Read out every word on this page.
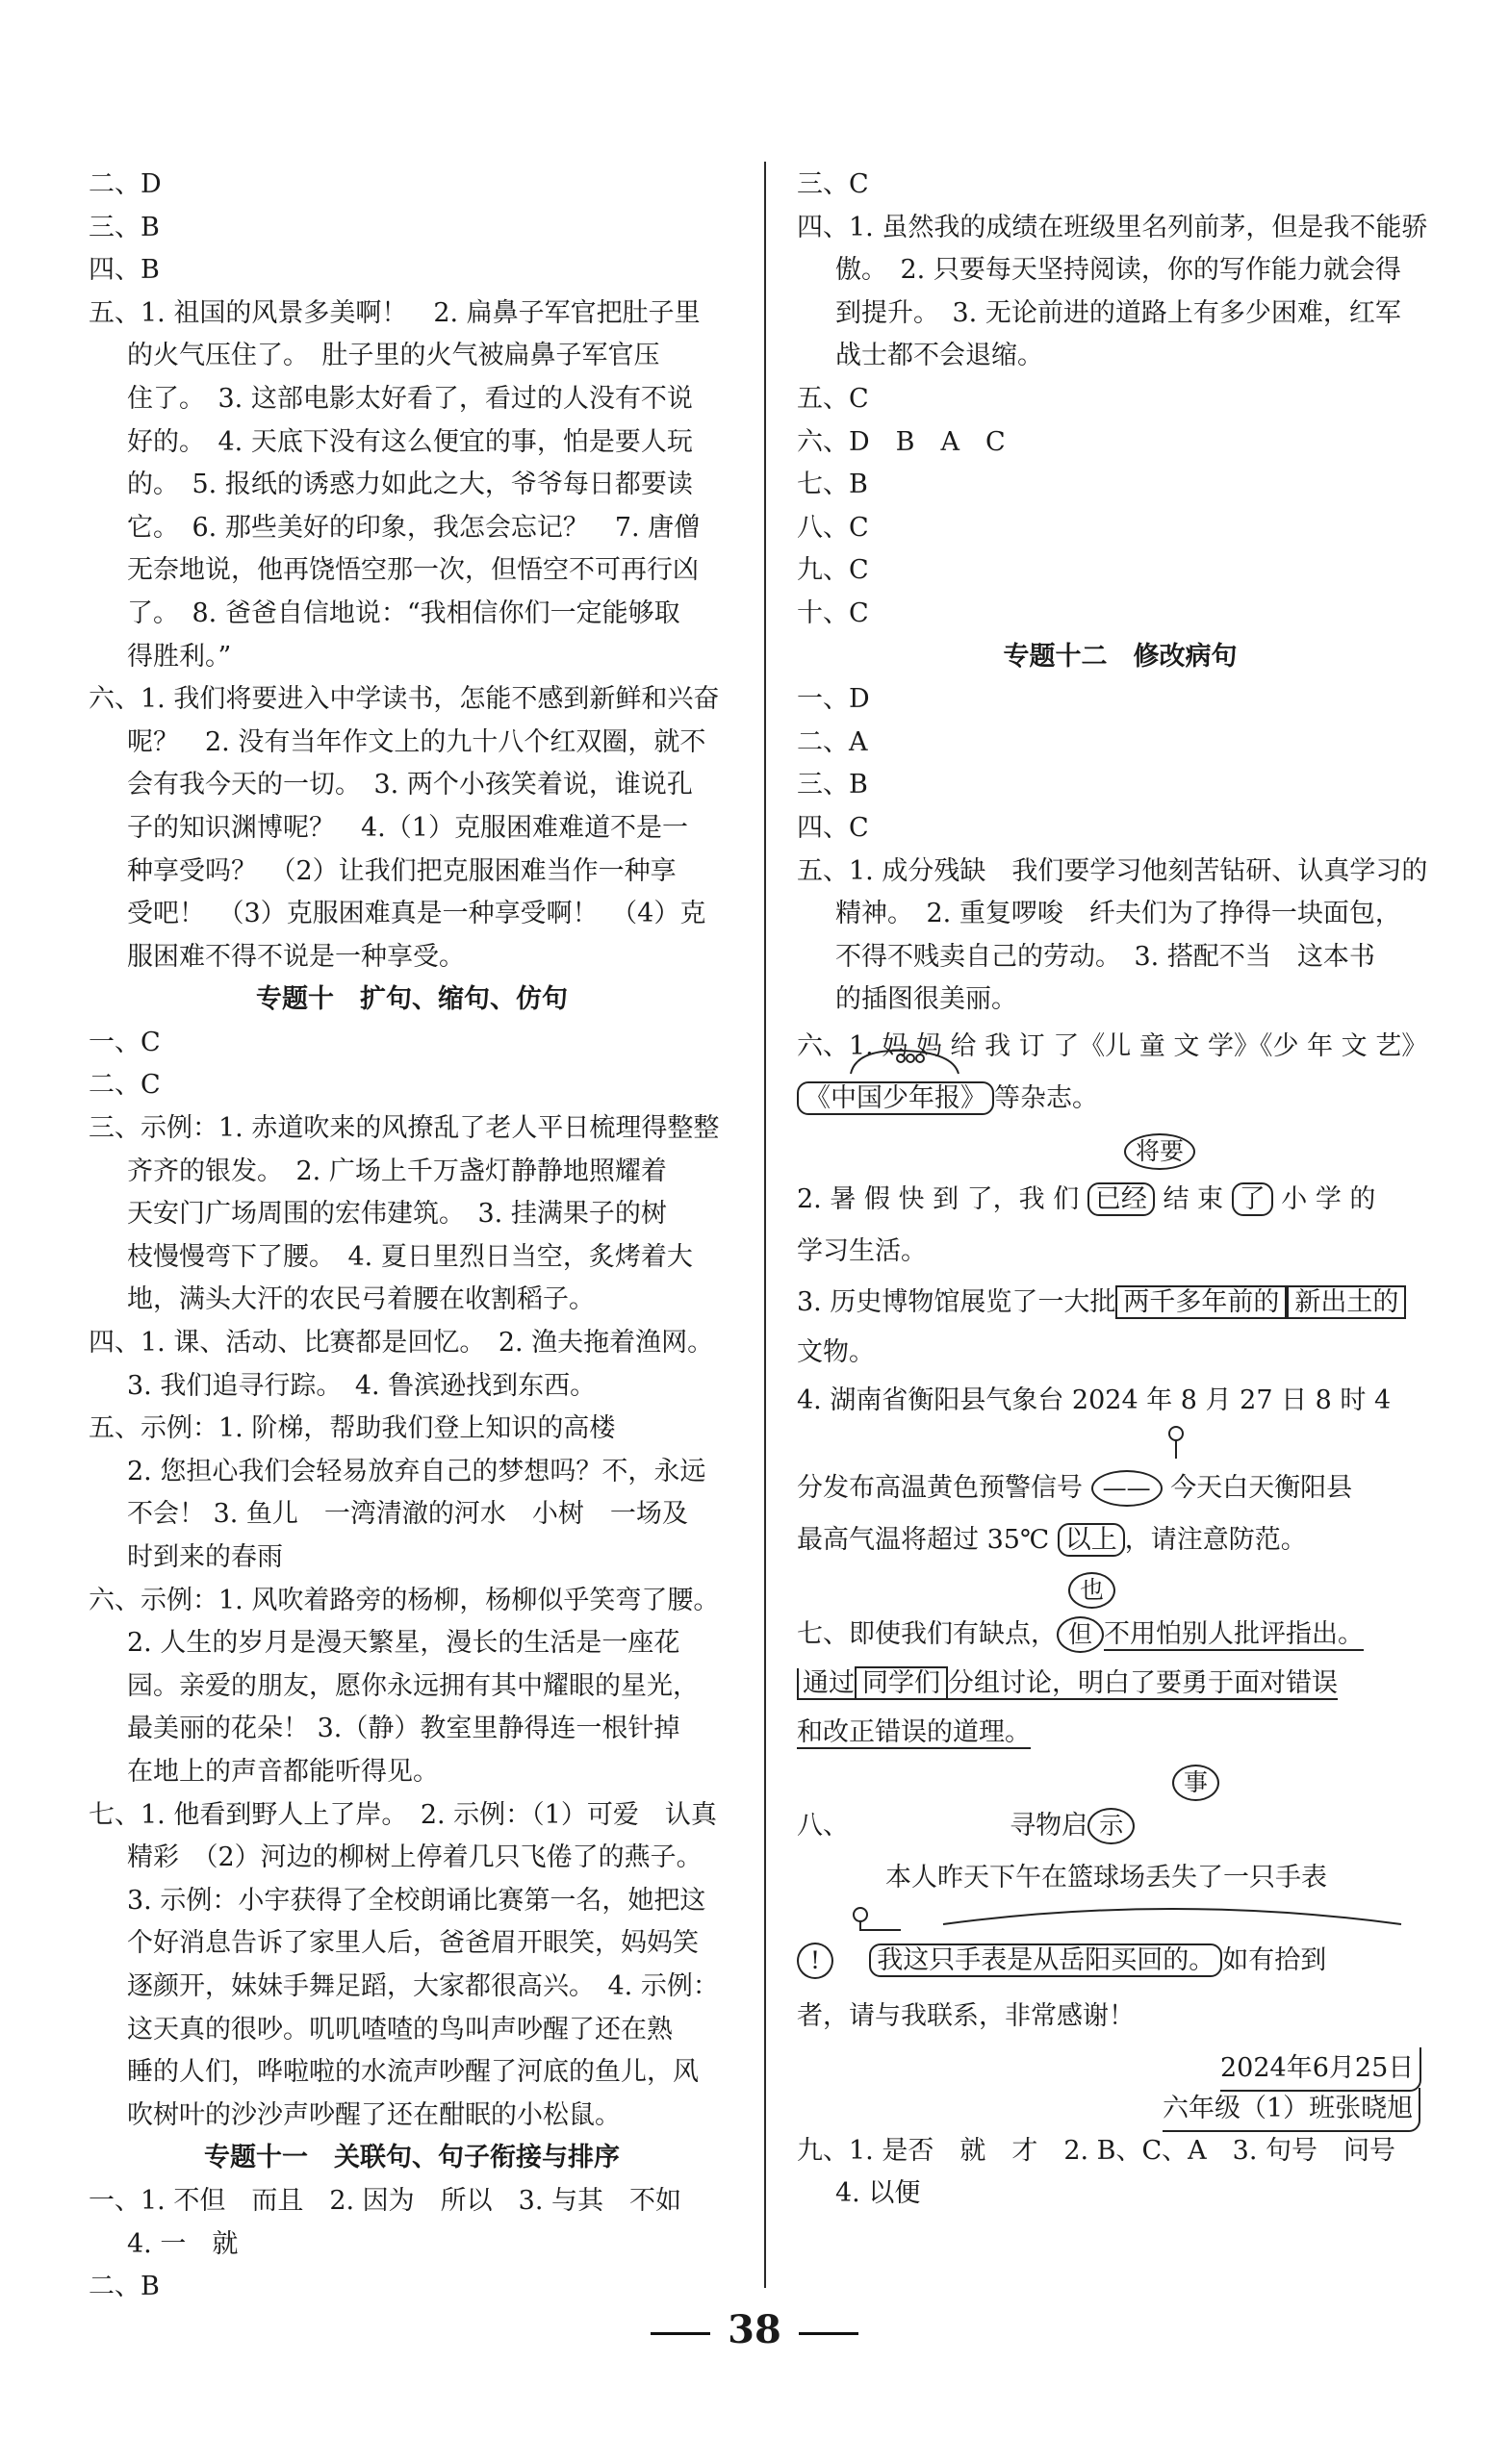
二、D
三、B
四、B
五、1. 祖国的风景多美啊！　2. 扁鼻子军官把肚子里
的火气压住了。　肚子里的火气被扁鼻子军官压
住了。　3. 这部电影太好看了，看过的人没有不说
好的。　4. 天底下没有这么便宜的事，怕是要人玩
的。　5. 报纸的诱惑力如此之大，爷爷每日都要读
它。　6. 那些美好的印象，我怎会忘记？　7. 唐僧
无奈地说，他再饶悟空那一次，但悟空不可再行凶
了。　8. 爸爸自信地说：“我相信你们一定能够取
得胜利。”
六、1. 我们将要进入中学读书，怎能不感到新鲜和兴奋
呢？　2. 没有当年作文上的九十八个红双圈，就不
会有我今天的一切。　3. 两个小孩笑着说，谁说孔
子的知识渊博呢？　4.（1）克服困难难道不是一
种享受吗？　（2）让我们把克服困难当作一种享
受吧！　（3）克服困难真是一种享受啊！　（4）克
服困难不得不说是一种享受。
专题十　扩句、缩句、仿句
一、C
二、C
三、示例：1. 赤道吹来的风撩乱了老人平日梳理得整整
齐齐的银发。　2. 广场上千万盏灯静静地照耀着
天安门广场周围的宏伟建筑。　3. 挂满果子的树
枝慢慢弯下了腰。　4. 夏日里烈日当空，炙烤着大
地，满头大汗的农民弓着腰在收割稻子。
四、1. 课、活动、比赛都是回忆。　2. 渔夫拖着渔网。
3. 我们追寻行踪。　4. 鲁滨逊找到东西。
五、示例：1. 阶梯，帮助我们登上知识的高楼
2. 您担心我们会轻易放弃自己的梦想吗？不，永远
不会！ 3. 鱼儿　一湾清澈的河水　小树　一场及
时到来的春雨
六、示例：1. 风吹着路旁的杨柳，杨柳似乎笑弯了腰。
2. 人生的岁月是漫天繁星，漫长的生活是一座花
园。亲爱的朋友，愿你永远拥有其中耀眼的星光，
最美丽的花朵！ 3.（静）教室里静得连一根针掉
在地上的声音都能听得见。
七、1. 他看到野人上了岸。　2. 示例：（1）可爱　认真
精彩　（2）河边的柳树上停着几只飞倦了的燕子。
3. 示例：小宇获得了全校朗诵比赛第一名，她把这
个好消息告诉了家里人后，爸爸眉开眼笑，妈妈笑
逐颜开，妹妹手舞足蹈，大家都很高兴。　4. 示例：
这天真的很吵。叽叽喳喳的鸟叫声吵醒了还在熟
睡的人们，哗啦啦的水流声吵醒了河底的鱼儿，风
吹树叶的沙沙声吵醒了还在酣眠的小松鼠。
专题十一　关联句、句子衔接与排序
一、1. 不但　而且　2. 因为　所以　3. 与其　不如
4. 一　就
二、B
三、C
四、1. 虽然我的成绩在班级里名列前茅，但是我不能骄
傲。　2. 只要每天坚持阅读，你的写作能力就会得
到提升。　3. 无论前进的道路上有多少困难，红军
战士都不会退缩。
五、C
六、D　B　A　C
七、B
八、C
九、C
十、C
专题十二　修改病句
一、D
二、A
三、B
四、C
五、1. 成分残缺　我们要学习他刻苦钻研、认真学习的
精神。　2. 重复啰唆　纤夫们为了挣得一块面包，
不得不贱卖自己的劳动。　3. 搭配不当　这本书
的插图很美丽。
六、1. 妈 妈 给 我 订 了《儿 童 文 学》《少 年 文 艺》
《中国少年报》 等杂志。
将要
2. 暑 假 快 到 了，我 们 已经 结 束 了 小 学 的
学习生活。
3. 历史博物馆展览了一大批 两千多年前的 新出土的
文物。
4. 湖南省衡阳县气象台 2024 年 8 月 27 日 8 时 4
分发布高温黄色预警信号 —— 今天白天衡阳县
最高气温将超过 35℃ 以上 ，请注意防范。
也
七、即使我们有缺点， 但 不用怕别人批评指出。
通过 同学们 分组讨论，明白了要勇于面对错误
和改正错误的道理。
事
八、	寻物启 示
本人昨天下午在篮球场丢失了一只手表
! 我这只手表是从岳阳买回的。 如有拾到
者，请与我联系，非常感谢！
2024年6月25日
六年级（1）班张晓旭
九、1. 是否　就　才　2. B、C、A　3. 句号　问号
4. 以便
38
